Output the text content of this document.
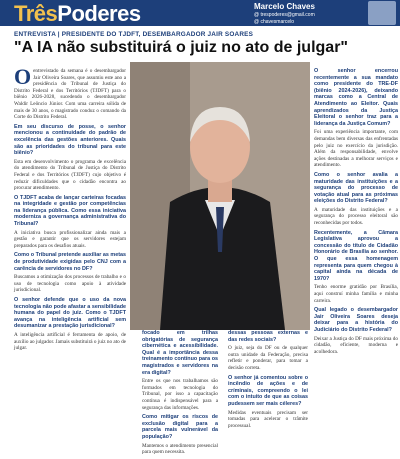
TrêsPoderes	Marcelo Chaves
@ trespoderes@gmail.com
@ chavesmarcelo
ENTREVISTA | PRESIDENTE DO TJDFT, DESEMBARGADOR JAIR SOARES
"A IA não substituirá o juiz no ato de julgar"

Oentrevistado da semana é o desembargador Jair Oliveira Soares, que assumiu este ano a presidência do Tribunal de Justiça do Distrito Federal e dos Territórios (TJDFT) para o biênio 2026-2028, sucedendo o desembargador Waldir Leôncio Júnior. Com uma carreira sólida de mais de 30 anos, o magistrado conduz o comando da Corte do Distrito Federal.

Em seu discurso de posse, o senhor mencionou a continuidade do padrão de excelência das gestões anteriores. Quais são as prioridades do tribunal para este biênio?

Esta em desenvolvimento o programa de excelência do atendimento do Tribunal de Justiça do Distrito Federal e dos Territórios (TJDFT) cujo objetivo é reduzir dificuldades que o cidadão encontra ao procurar atendimento.

O TJDFT acaba de lançar carteiras focadas na integridade e gestão por competências na liderança pública. Como essa iniciativa moderniza a governança administrativa do Tribunal?

A iniciativa busca profissionalizar ainda mais a gestão e garantir que os servidores estejam preparados para os desafios atuais.

Como o Tribunal pretende auxiliar as metas de produtividade exigidas pelo CNJ com a carência de servidores no DF?

Buscamos a otimização dos processos de trabalho e o uso de tecnologia como apoio à atividade jurisdicional.

O senhor defende que o uso da nova tecnologia não pode afastar a sensibilidade humana do papel do juiz. Como o TJDFT avança na inteligência artificial sem desumanizar a prestação jurisdicional?

A inteligência artificial é ferramenta de apoio, de auxílio ao julgador. Jamais substituirá o juiz no ato de julgar.

focado em trilhas obrigatórias de segurança cibernética e acessibilidade. Qual é a importância dessa treinamento contínuo para os magistrados e servidores na era digital?

Entre os que nos trabalhamos são formados em tecnologia do Tribunal, por isso a capacitação contínua é indispensável para a segurança das informações.

Como mitigar os riscos de exclusão digital para a parcela mais vulnerável da população?

Mantemos o atendimento presencial para quem necessita.

dessas pessoas externas e das redes sociais?

O juiz, seja do DF ou de qualquer outra unidade da Federação, precisa refletir e ponderar, para tomar a decisão correta.

O senhor já comentou sobre o incêndio de ações e de críminais, compreendo o lei com o intuito de que as coisas pudessem ser mais céleres?

Medidas eventuais precisam ser tomadas para acelerar o trâmite processual.

O senhor encerrou recentemente a sua mandato como presidente do TRE-DF (biênio 2024-2026), deixando marcas como a Central de Atendimento ao Eleitor. Quais aprendizados da Justiça Eleitoral o senhor traz para a liderança da Justiça Comum?

Foi uma experiência importante, com demandas bem diversas das enfrentadas pelo juiz no exercício da jurisdição. Além da responsabilidade, envolve ações destinadas a melhorar serviços e atendimento.

Como o senhor avalia a maturidade das instituições e a segurança do processo de votação atual para as próximas eleições do Distrito Federal?

A maturidade das instituições e a segurança do processo eleitoral são reconhecidas por todos.

Recentemente, a Câmara Legislativa aprovou a concessão do título de Cidadão Honorário de Brasília ao senhor. O que essa homenagem representa para quem chegou à capital ainda na década de 1970?

Tenho enorme gratidão por Brasília, aqui construí minha família e minha carreira.

Qual legado o desembargador Jair Oliveira Soares deseja deixar para a história do Judiciário do Distrito Federal?

Deixar a Justiça do DF mais próxima do cidadão, eficiente, moderna e acolhedora.
